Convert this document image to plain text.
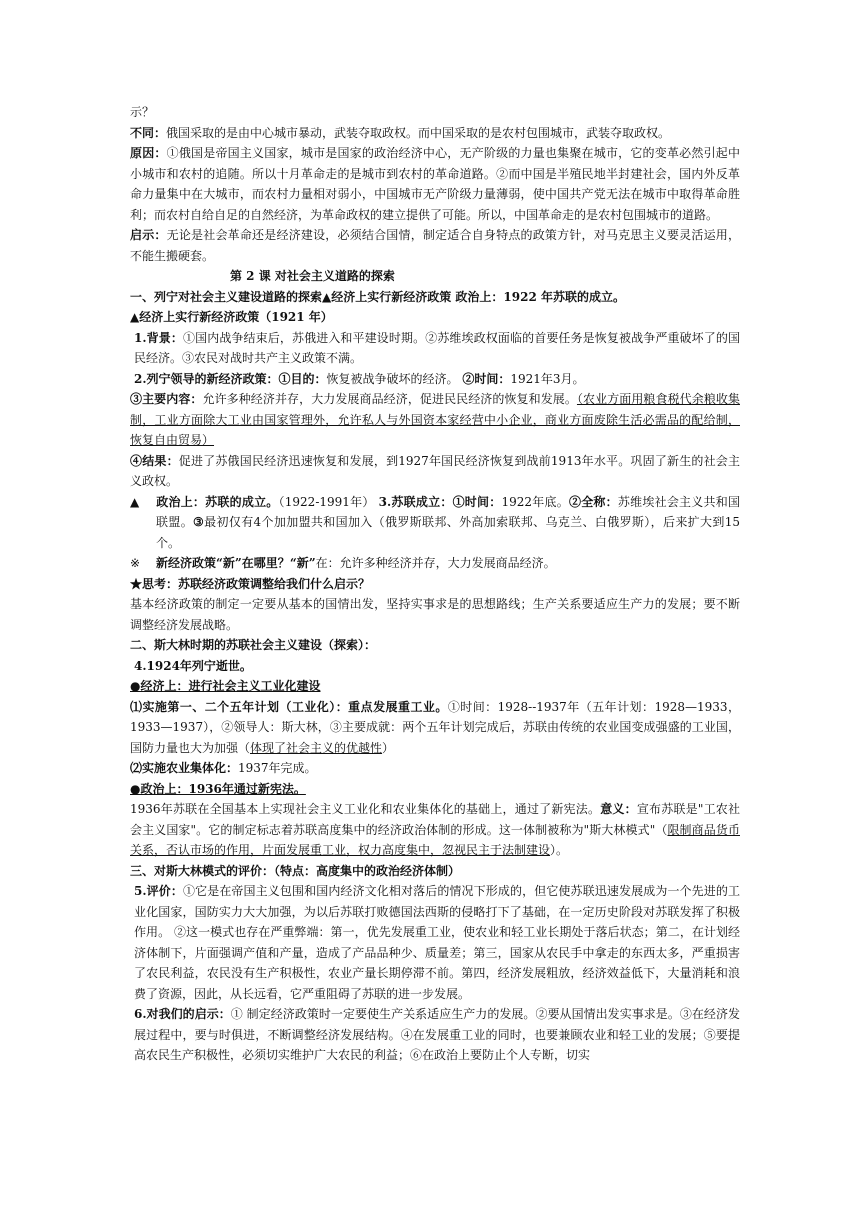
示？

不同：俄国采取的是由中心城市暴动，武装夺取政权。而中国采取的是农村包围城市，武装夺取政权。

原因：①俄国是帝国主义国家，城市是国家的政治经济中心，无产阶级的力量也集聚在城市，它的变革必然引起中小城市和农村的追随。所以十月革命走的是城市到农村的革命道路。②而中国是半殖民地半封建社会，国内外反革命力量集中在大城市，而农村力量相对弱小，中国城市无产阶级力量薄弱，使中国共产党无法在城市中取得革命胜利；而农村自给自足的自然经济，为革命政权的建立提供了可能。所以，中国革命走的是农村包围城市的道路。

启示：无论是社会革命还是经济建设，必须结合国情，制定适合自身特点的政策方针，对马克思主义要灵活运用，不能生搬硬套。

第 2 课 对社会主义道路的探索

一、列宁对社会主义建设道路的探索▲经济上实行新经济政策 政治上：1922 年苏联的成立。

▲经济上实行新经济政策（1921 年）

1.背景：①国内战争结束后，苏俄进入和平建设时期。②苏维埃政权面临的首要任务是恢复被战争严重破坏了的国民经济。③农民对战时共产主义政策不满。

2.列宁领导的新经济政策：①目的：恢复被战争破坏的经济。 ②时间：1921年3月。

③主要内容：允许多种经济并存，大力发展商品经济，促进民民经济的恢复和发展。（农业方面用粮食税代余粮收集制，工业方面除大工业由国家管理外，允许私人与外国资本家经营中小企业，商业方面废除生活必需品的配给制，恢复自由贸易）

④结果：促进了苏俄国民经济迅速恢复和发展，到1927年国民经济恢复到战前1913年水平。巩固了新生的社会主义政权。

▲ 政治上：苏联的成立。（1922-1991年） 3.苏联成立：①时间：1922年底。②全称：苏维埃社会主义共和国联盟。③最初仅有4个加加盟共和国加入（俄罗斯联邦、外高加索联邦、乌克兰、白俄罗斯），后来扩大到15个。

※ 新经济政策“新”在哪里？“新”在：允许多种经济并存，大力发展商品经济。

★思考：苏联经济政策调整给我们什么启示？

基本经济政策的制定一定要从基本的国情出发，坚持实事求是的思想路线；生产关系要适应生产力的发展；要不断调整经济发展战略。

二、斯大林时期的苏联社会主义建设（探索）：

4.1924年列宁逝世。

●经济上：进行社会主义工业化建设

⑴实施第一、二个五年计划（工业化）：重点发展重工业。①时间：1928--1937年（五年计划：1928—1933，1933—1937），②领导人：斯大林，③主要成就：两个五年计划完成后，苏联由传统的农业国变成强盛的工业国，国防力量也大为加强（体现了社会主义的优越性）

⑵实施农业集体化：1937年完成。

●政治上：1936年通过新宪法。

1936年苏联在全国基本上实现社会主义工业化和农业集体化的基础上，通过了新宪法。意义：宣布苏联是"工农社会主义国家"。它的制定标志着苏联高度集中的经济政治体制的形成。这一体制被称为"斯大林模式"（限制商品货币关系，否认市场的作用，片面发展重工业，权力高度集中，忽视民主于法制建设）。

三、对斯大林模式的评价：（特点：高度集中的政治经济体制）

5.评价：①它是在帝国主义包围和国内经济文化相对落后的情况下形成的，但它使苏联迅速发展成为一个先进的工业化国家，国防实力大大加强，为以后苏联打败德国法西斯的侵略打下了基础，在一定历史阶段对苏联发挥了积极作用。 ②这一模式也存在严重弊端：第一，优先发展重工业，使农业和轻工业长期处于落后状态；第二，在计划经济体制下，片面强调产值和产量，造成了产品品种少、质量差；第三，国家从农民手中拿走的东西太多，严重损害了农民利益，农民没有生产积极性，农业产量长期停滞不前。第四，经济发展粗放，经济效益低下，大量消耗和浪费了资源，因此，从长远看，它严重阻碍了苏联的进一步发展。

6.对我们的启示：① 制定经济政策时一定要使生产关系适应生产力的发展。②要从国情出发实事求是。③在经济发展过程中，要与时俱进，不断调整经济发展结构。④在发展重工业的同时，也要兼顾农业和轻工业的发展；⑤要提高农民生产积极性，必须切实维护广大农民的利益；⑥在政治上要防止个人专断，切实
